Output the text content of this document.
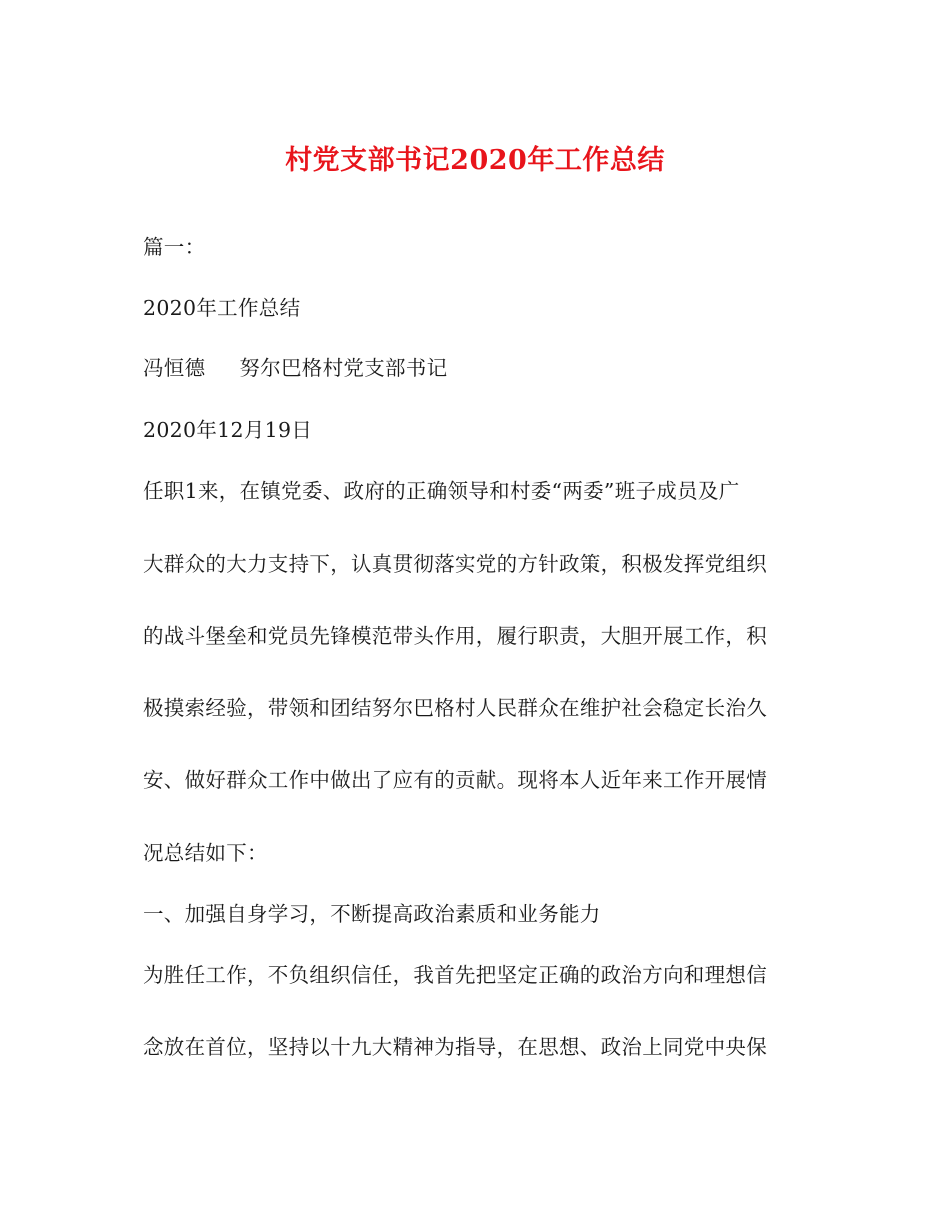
村党支部书记2020年工作总结
篇一：
2020年工作总结
冯恒德 努尔巴格村党支部书记
2020年12月19日
任职1来，在镇党委、政府的正确领导和村委“两委”班子成员及广
大群众的大力支持下，认真贯彻落实党的方针政策，积极发挥党组织
的战斗堡垒和党员先锋模范带头作用，履行职责，大胆开展工作，积
极摸索经验，带领和团结努尔巴格村人民群众在维护社会稳定长治久
安、做好群众工作中做出了应有的贡献。现将本人近年来工作开展情
况总结如下：
一、加强自身学习，不断提高政治素质和业务能力
为胜任工作，不负组织信任，我首先把坚定正确的政治方向和理想信
念放在首位，坚持以十九大精神为指导，在思想、政治上同党中央保
